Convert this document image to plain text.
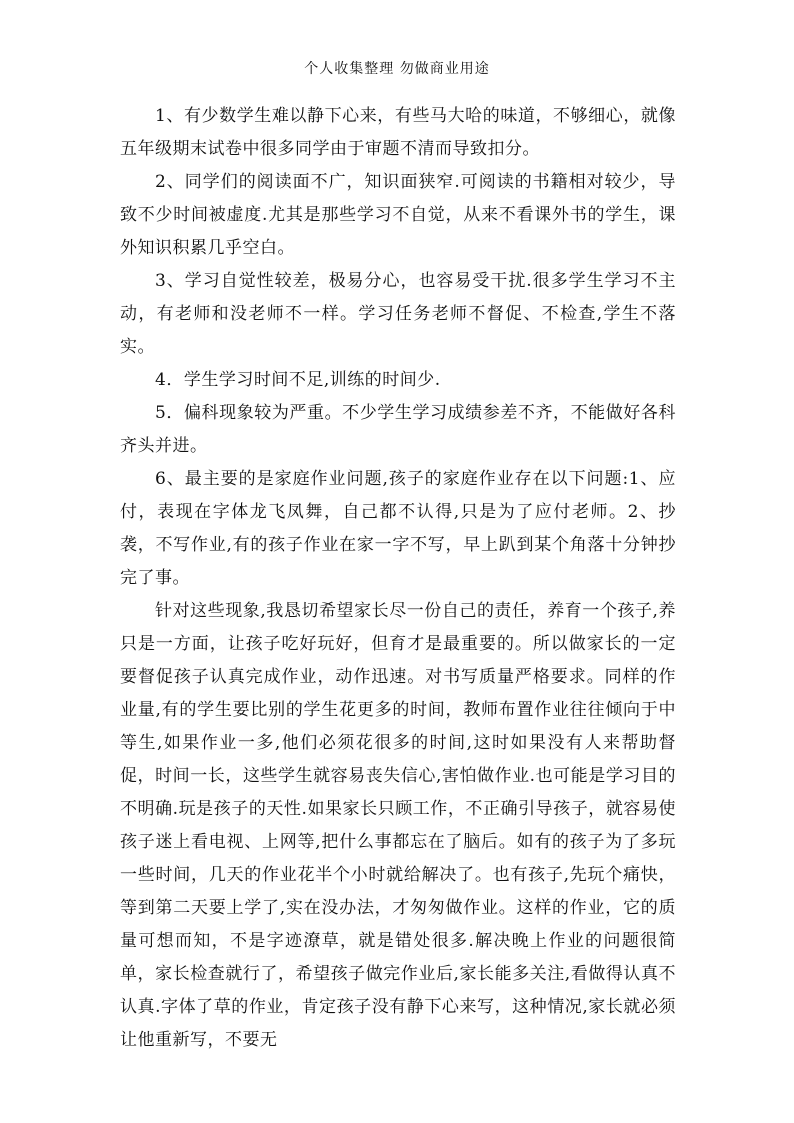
个人收集整理 勿做商业用途

1、有少数学生难以静下心来，有些马大哈的味道，不够细心，就像五年级期末试卷中很多同学由于审题不清而导致扣分。

2、同学们的阅读面不广，知识面狭窄.可阅读的书籍相对较少，导致不少时间被虚度.尤其是那些学习不自觉，从来不看课外书的学生，课外知识积累几乎空白。

3、学习自觉性较差，极易分心，也容易受干扰.很多学生学习不主动，有老师和没老师不一样。学习任务老师不督促、不检查,学生不落实。

4．学生学习时间不足,训练的时间少.

5．偏科现象较为严重。不少学生学习成绩参差不齐，不能做好各科齐头并进。

6、最主要的是家庭作业问题,孩子的家庭作业存在以下问题:1、应付，表现在字体龙飞凤舞，自己都不认得,只是为了应付老师。2、抄袭，不写作业,有的孩子作业在家一字不写，早上趴到某个角落十分钟抄完了事。

针对这些现象,我恳切希望家长尽一份自己的责任，养育一个孩子,养只是一方面，让孩子吃好玩好，但育才是最重要的。所以做家长的一定要督促孩子认真完成作业，动作迅速。对书写质量严格要求。同样的作业量,有的学生要比别的学生花更多的时间，教师布置作业往往倾向于中等生,如果作业一多,他们必须花很多的时间,这时如果没有人来帮助督促，时间一长，这些学生就容易丧失信心,害怕做作业.也可能是学习目的不明确.玩是孩子的天性.如果家长只顾工作，不正确引导孩子，就容易使孩子迷上看电视、上网等,把什么事都忘在了脑后。如有的孩子为了多玩一些时间，几天的作业花半个小时就给解决了。也有孩子,先玩个痛快，等到第二天要上学了,实在没办法，才匆匆做作业。这样的作业，它的质量可想而知，不是字迹潦草，就是错处很多.解决晚上作业的问题很简单，家长检查就行了，希望孩子做完作业后,家长能多关注,看做得认真不认真.字体了草的作业，肯定孩子没有静下心来写，这种情况,家长就必须让他重新写，不要无
